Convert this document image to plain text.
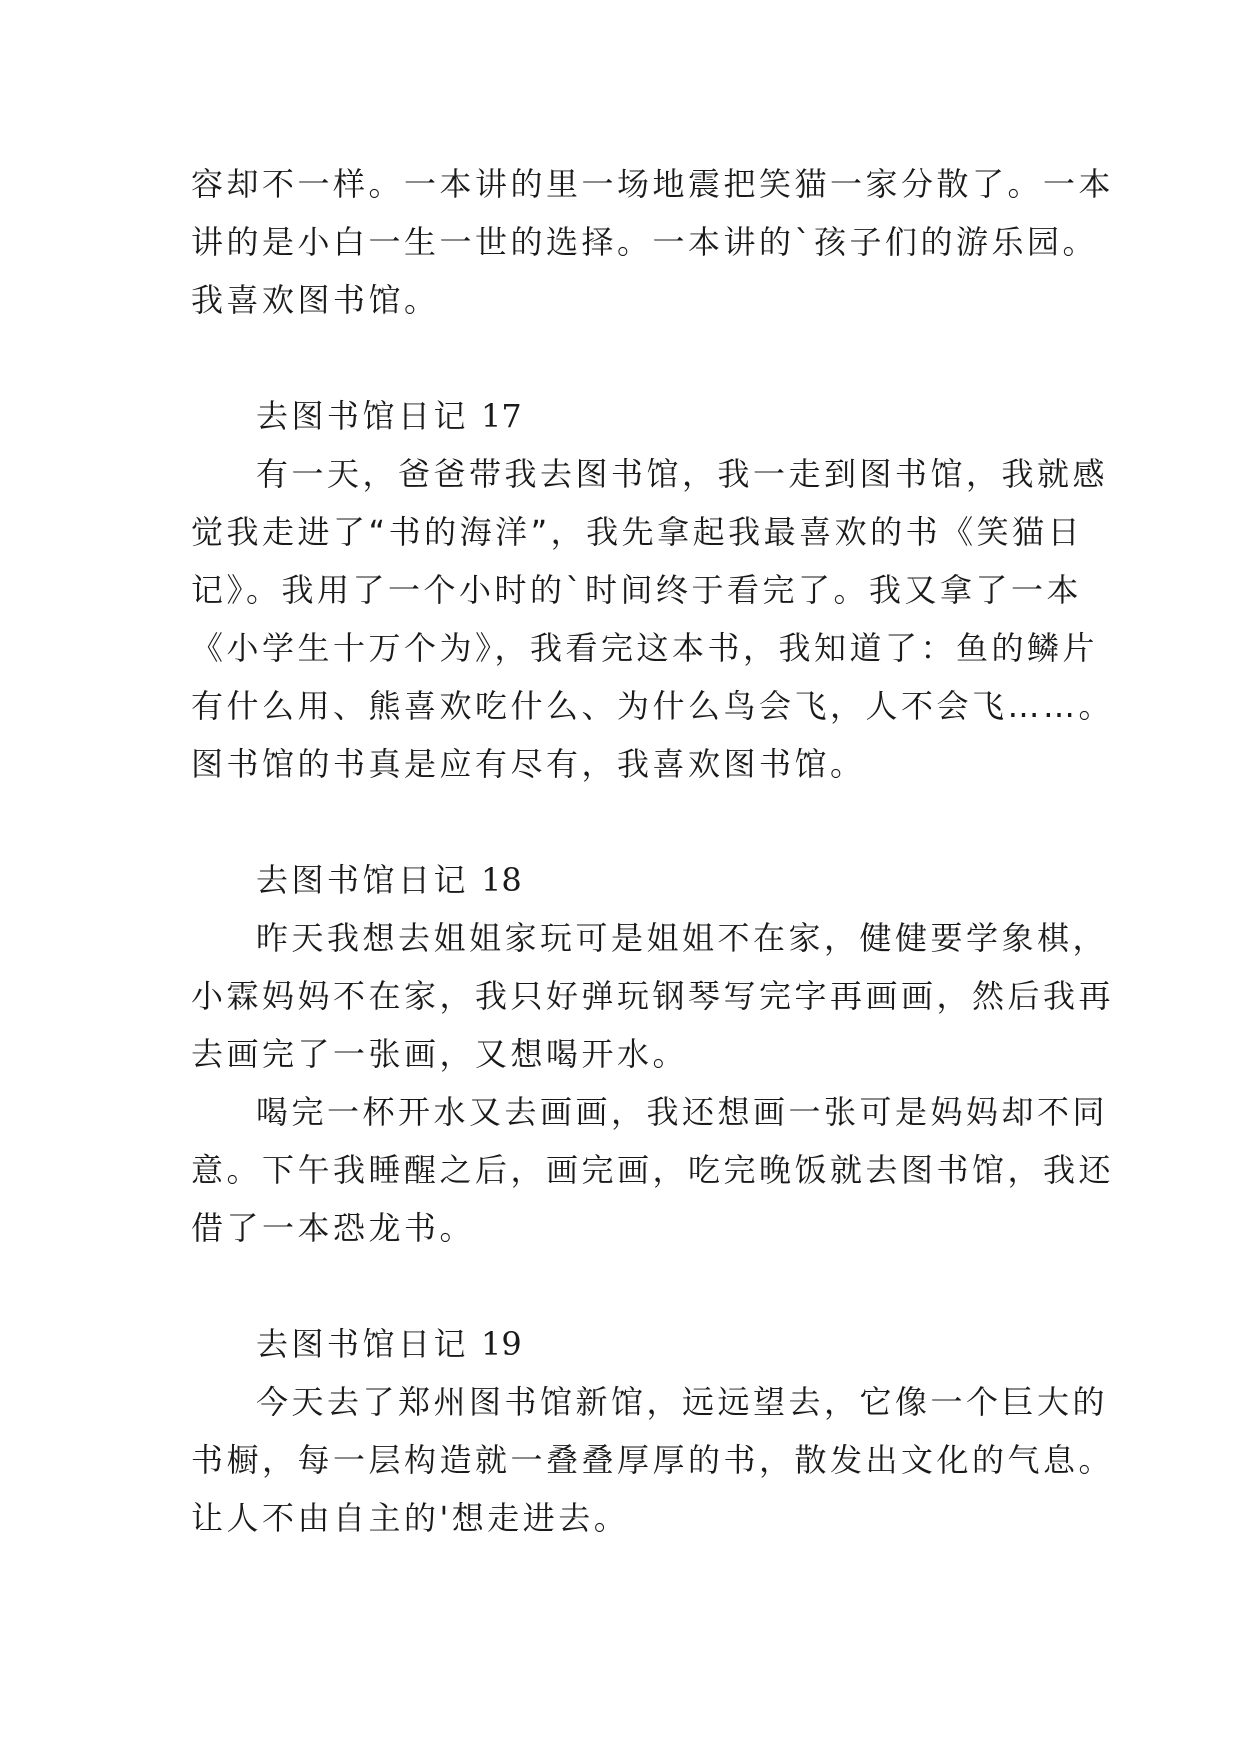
容却不一样。一本讲的里一场地震把笑猫一家分散了。一本
讲的是小白一生一世的选择。一本讲的`孩子们的游乐园。
我喜欢图书馆。

去图书馆日记 17

有一天，爸爸带我去图书馆，我一走到图书馆，我就感
觉我走进了“书的海洋”，我先拿起我最喜欢的书《笑猫日
记》。我用了一个小时的`时间终于看完了。我又拿了一本
《小学生十万个为》，我看完这本书，我知道了：鱼的鳞片
有什么用、熊喜欢吃什么、为什么鸟会飞，人不会飞……。
图书馆的书真是应有尽有，我喜欢图书馆。

去图书馆日记 18

昨天我想去姐姐家玩可是姐姐不在家，健健要学象棋，
小霖妈妈不在家，我只好弹玩钢琴写完字再画画，然后我再
去画完了一张画，又想喝开水。

喝完一杯开水又去画画，我还想画一张可是妈妈却不同
意。下午我睡醒之后，画完画，吃完晚饭就去图书馆，我还
借了一本恐龙书。

去图书馆日记 19

今天去了郑州图书馆新馆，远远望去，它像一个巨大的
书橱，每一层构造就一叠叠厚厚的书，散发出文化的气息。
让人不由自主的'想走进去。
